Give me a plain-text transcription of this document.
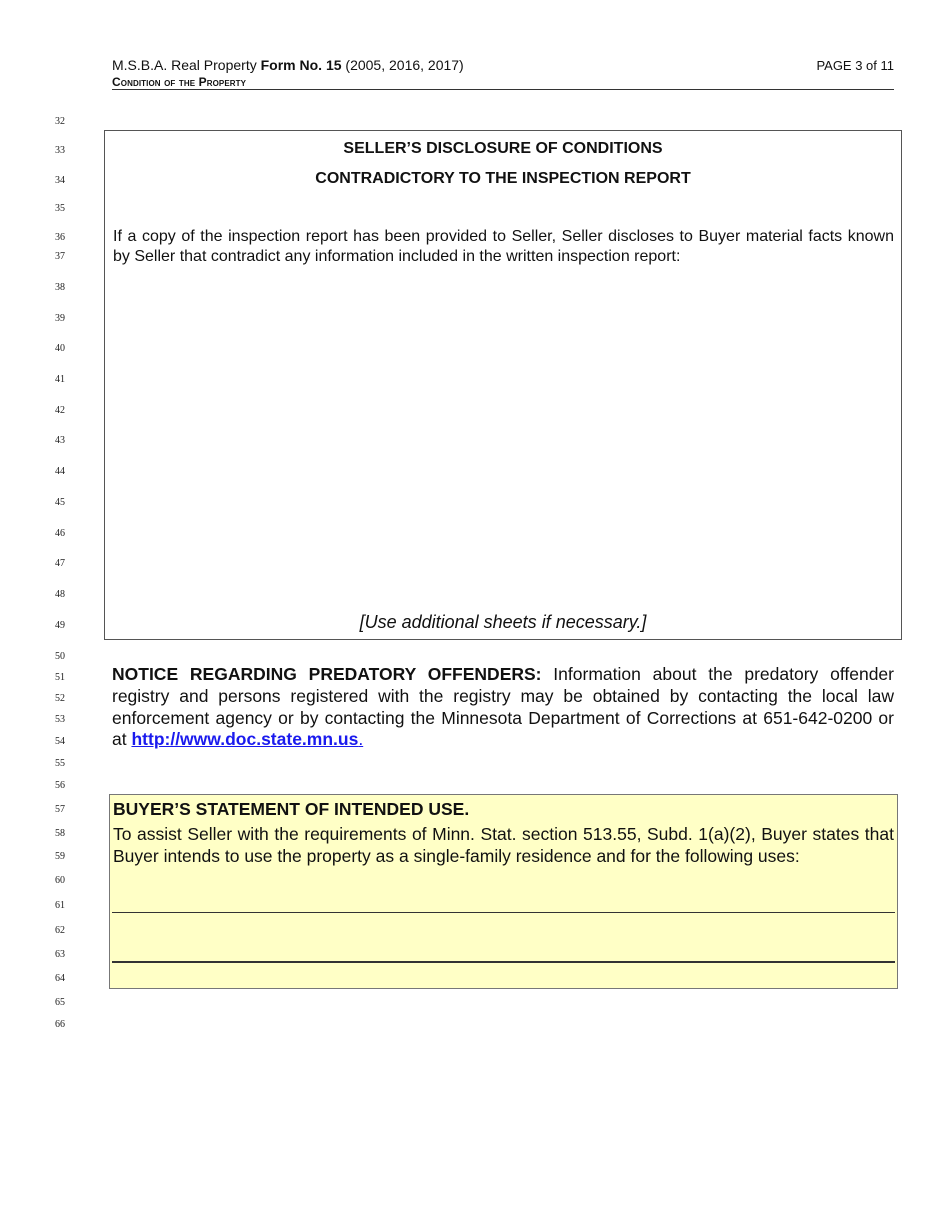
M.S.B.A. Real Property Form No. 15 (2005, 2016, 2017)
Condition of the Property
PAGE 3 of 11
32
33
34
35
36
37
38
39
40
41
42
43
44
45
46
47
48
49
50
51
52
53
54
55
56
57
58
59
60
61
62
63
64
65
66
SELLER’S DISCLOSURE OF CONDITIONS
CONTRADICTORY TO THE INSPECTION REPORT
If a copy of the inspection report has been provided to Seller, Seller discloses to Buyer material facts known by Seller that contradict any information included in the written inspection report:
[Use additional sheets if necessary.]
NOTICE REGARDING PREDATORY OFFENDERS: Information about the predatory offender registry and persons registered with the registry may be obtained by contacting the local law enforcement agency or by contacting the Minnesota Department of Corrections at 651-642-0200 or at http://www.doc.state.mn.us.
BUYER’S STATEMENT OF INTENDED USE.
To assist Seller with the requirements of Minn. Stat. section 513.55, Subd. 1(a)(2), Buyer states that Buyer intends to use the property as a single-family residence and for the following uses:
